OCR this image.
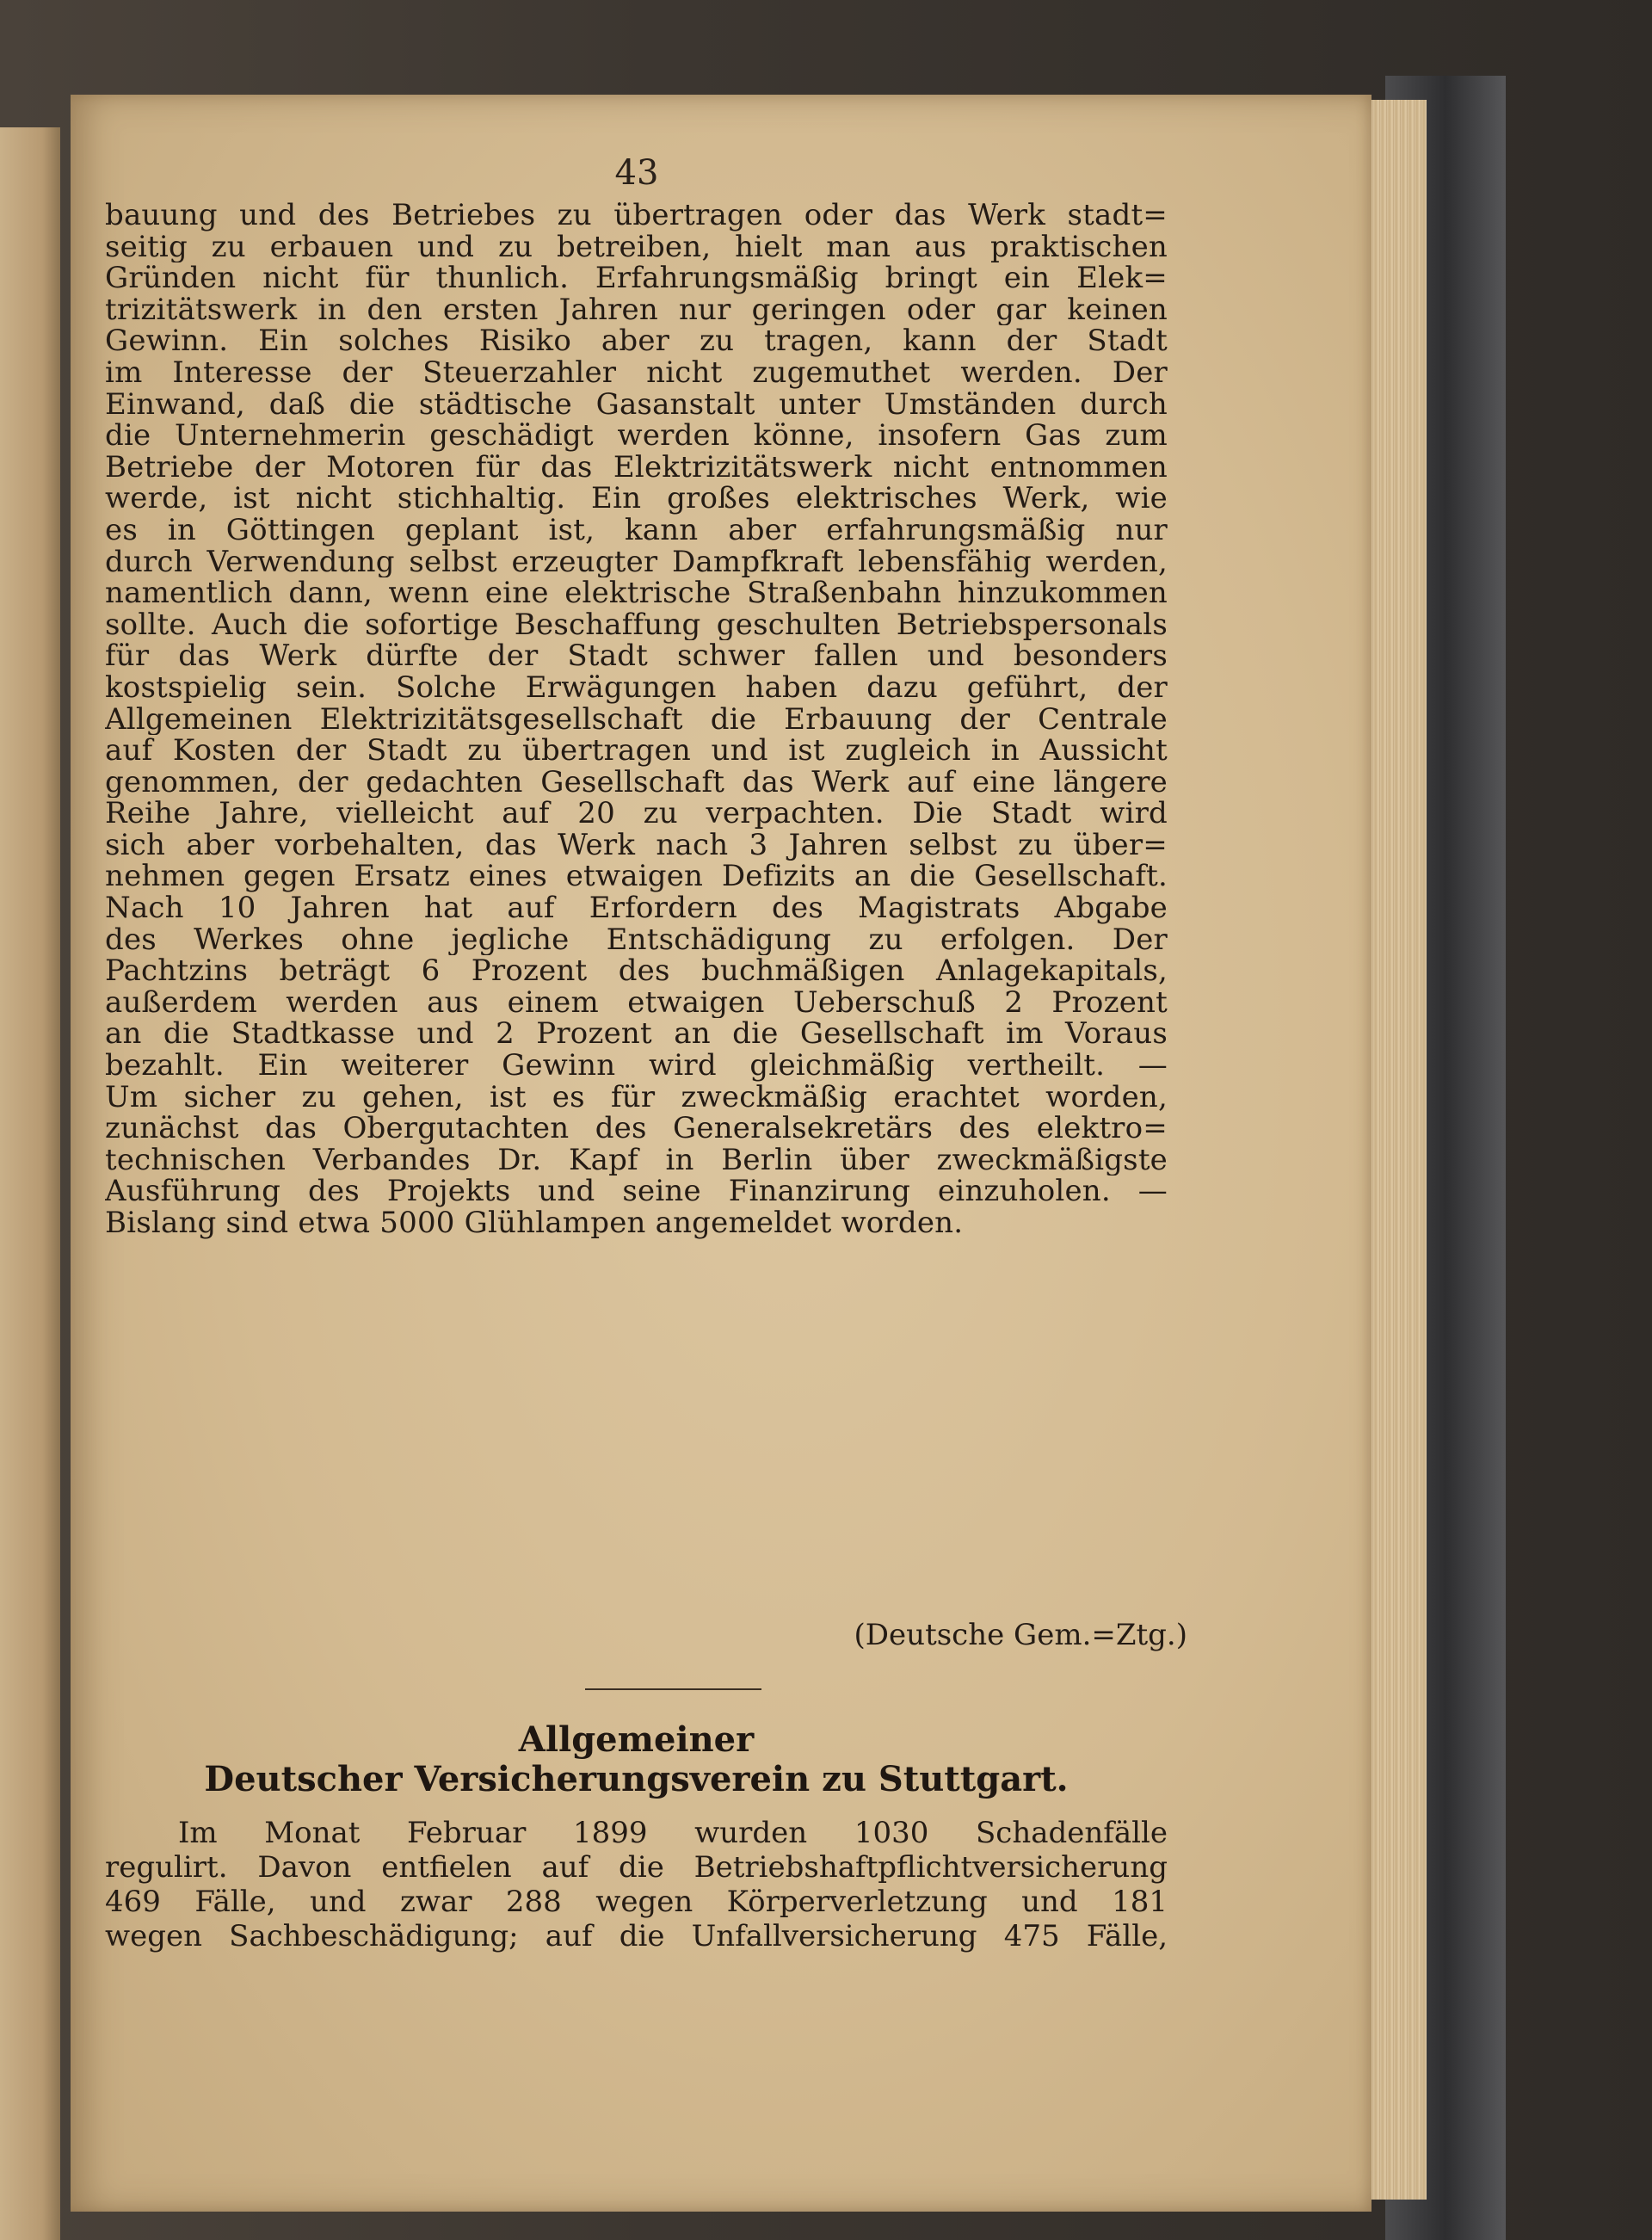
43
bauung und des Betriebes zu übertragen oder das Werk stadt=
seitig zu erbauen und zu betreiben, hielt man aus praktischen
Gründen nicht für thunlich. Erfahrungsmäßig bringt ein Elek=
trizitätswerk in den ersten Jahren nur geringen oder gar keinen
Gewinn. Ein solches Risiko aber zu tragen, kann der Stadt
im Interesse der Steuerzahler nicht zugemuthet werden. Der
Einwand, daß die städtische Gasanstalt unter Umständen durch
die Unternehmerin geschädigt werden könne, insofern Gas zum
Betriebe der Motoren für das Elektrizitätswerk nicht entnommen
werde, ist nicht stichhaltig. Ein großes elektrisches Werk, wie
es in Göttingen geplant ist, kann aber erfahrungsmäßig nur
durch Verwendung selbst erzeugter Dampfkraft lebensfähig werden,
namentlich dann, wenn eine elektrische Straßenbahn hinzukommen
sollte. Auch die sofortige Beschaffung geschulten Betriebspersonals
für das Werk dürfte der Stadt schwer fallen und besonders
kostspielig sein. Solche Erwägungen haben dazu geführt, der
Allgemeinen Elektrizitätsgesellschaft die Erbauung der Centrale
auf Kosten der Stadt zu übertragen und ist zugleich in Aussicht
genommen, der gedachten Gesellschaft das Werk auf eine längere
Reihe Jahre, vielleicht auf 20 zu verpachten. Die Stadt wird
sich aber vorbehalten, das Werk nach 3 Jahren selbst zu über=
nehmen gegen Ersatz eines etwaigen Defizits an die Gesellschaft.
Nach 10 Jahren hat auf Erfordern des Magistrats Abgabe
des Werkes ohne jegliche Entschädigung zu erfolgen. Der
Pachtzins beträgt 6 Prozent des buchmäßigen Anlagekapitals,
außerdem werden aus einem etwaigen Ueberschuß 2 Prozent
an die Stadtkasse und 2 Prozent an die Gesellschaft im Voraus
bezahlt. Ein weiterer Gewinn wird gleichmäßig vertheilt. —
Um sicher zu gehen, ist es für zweckmäßig erachtet worden,
zunächst das Obergutachten des Generalsekretärs des elektro=
technischen Verbandes Dr. Kapf in Berlin über zweckmäßigste
Ausführung des Projekts und seine Finanzirung einzuholen. —
Bislang sind etwa 5000 Glühlampen angemeldet worden.
(Deutsche Gem.=Ztg.)
Allgemeiner
Deutscher Versicherungsverein zu Stuttgart.
Im Monat Februar 1899 wurden 1030 Schadenfälle
regulirt. Davon entfielen auf die Betriebshaftpflichtversicherung
469 Fälle, und zwar 288 wegen Körperverletzung und 181
wegen Sachbeschädigung; auf die Unfallversicherung 475 Fälle,
